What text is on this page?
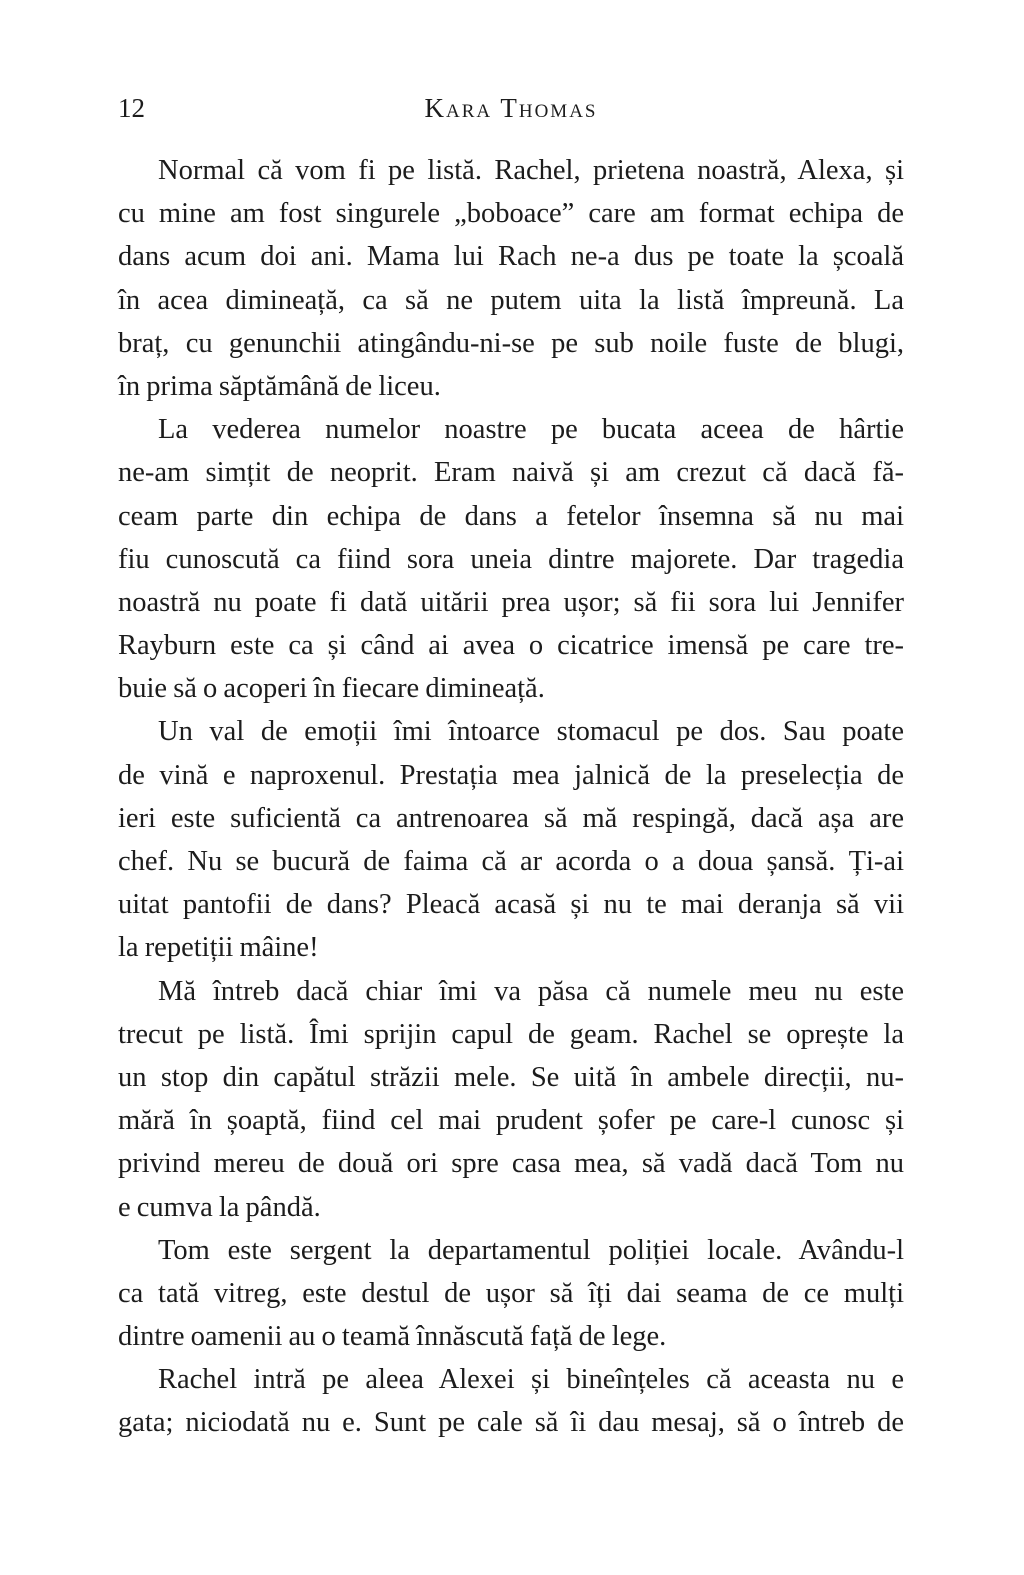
12	Kara Thomas
Normal că vom fi pe listă. Rachel, prietena noastră, Alexa, și
cu mine am fost singurele „boboace” care am format echipa de
dans acum doi ani. Mama lui Rach ne-a dus pe toate la școală
în acea dimineață, ca să ne putem uita la listă împreună. La
braț, cu genunchii atingându-ni-se pe sub noile fuste de blugi,
în prima săptămână de liceu.
La vederea numelor noastre pe bucata aceea de hârtie
ne-am simțit de neoprit. Eram naivă și am crezut că dacă fă-
ceam parte din echipa de dans a fetelor însemna să nu mai
fiu cunoscută ca fiind sora uneia dintre majorete. Dar tragedia
noastră nu poate fi dată uitării prea ușor; să fii sora lui Jennifer
Rayburn este ca și când ai avea o cicatrice imensă pe care tre-
buie să o acoperi în fiecare dimineață.
Un val de emoții îmi întoarce stomacul pe dos. Sau poate
de vină e naproxenul. Prestația mea jalnică de la preselecția de
ieri este suficientă ca antrenoarea să mă respingă, dacă așa are
chef. Nu se bucură de faima că ar acorda o a doua șansă. Ți-ai
uitat pantofii de dans? Pleacă acasă și nu te mai deranja să vii
la repetiții mâine!
Mă întreb dacă chiar îmi va păsa că numele meu nu este
trecut pe listă. Îmi sprijin capul de geam. Rachel se oprește la
un stop din capătul străzii mele. Se uită în ambele direcții, nu-
mără în șoaptă, fiind cel mai prudent șofer pe care-l cunosc și
privind mereu de două ori spre casa mea, să vadă dacă Tom nu
e cumva la pândă.
Tom este sergent la departamentul poliției locale. Avându-l
ca tată vitreg, este destul de ușor să îți dai seama de ce mulți
dintre oamenii au o teamă înnăscută față de lege.
Rachel intră pe aleea Alexei și bineînțeles că aceasta nu e
gata; niciodată nu e. Sunt pe cale să îi dau mesaj, să o întreb de
